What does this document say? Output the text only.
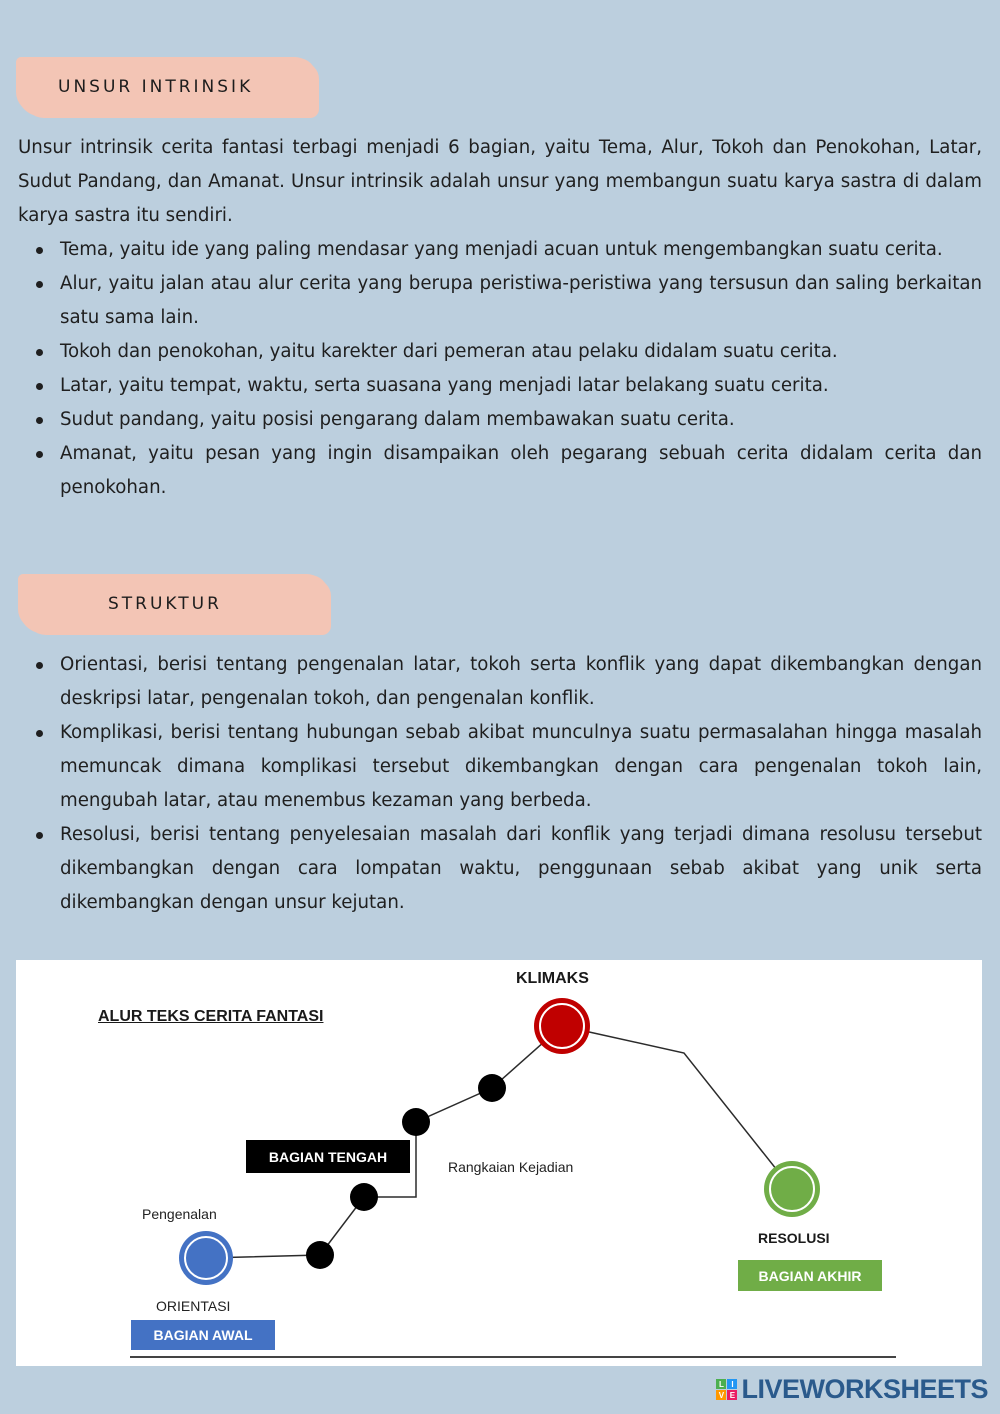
UNSUR INTRINSIK

Unsur intrinsik cerita fantasi terbagi menjadi 6 bagian, yaitu Tema, Alur, Tokoh dan Penokohan, Latar, Sudut Pandang, dan Amanat. Unsur intrinsik adalah unsur yang membangun suatu karya sastra di dalam karya sastra itu sendiri.

Tema, yaitu ide yang paling mendasar yang menjadi acuan untuk mengembangkan suatu cerita.
Alur, yaitu jalan atau alur cerita yang berupa peristiwa-peristiwa yang tersusun dan saling berkaitan satu sama lain.
Tokoh dan penokohan, yaitu karekter dari pemeran atau pelaku didalam suatu cerita.
Latar, yaitu tempat, waktu, serta suasana yang menjadi latar belakang suatu cerita.
Sudut pandang, yaitu posisi pengarang dalam membawakan suatu cerita.
Amanat, yaitu pesan yang ingin disampaikan oleh pegarang sebuah cerita didalam cerita dan penokohan.
STRUKTUR
Orientasi, berisi tentang pengenalan latar, tokoh serta konflik yang dapat dikembangkan dengan deskripsi latar, pengenalan tokoh, dan pengenalan konflik.
Komplikasi, berisi tentang hubungan sebab akibat munculnya suatu permasalahan hingga masalah memuncak dimana komplikasi tersebut dikembangkan dengan cara pengenalan tokoh lain, mengubah latar, atau menembus kezaman yang berbeda.
Resolusi, berisi tentang penyelesaian masalah dari konflik yang terjadi dimana resolusu tersebut dikembangkan dengan cara lompatan waktu, penggunaan sebab akibat yang unik serta dikembangkan dengan unsur kejutan.
ALUR TEKS CERITA FANTASI
KLIMAKS
BAGIAN TENGAH
Rangkaian Kejadian
Pengenalan
ORIENTASI
BAGIAN AWAL
RESOLUSI
BAGIAN AKHIR
L I
V E LIVEWORKSHEETS
